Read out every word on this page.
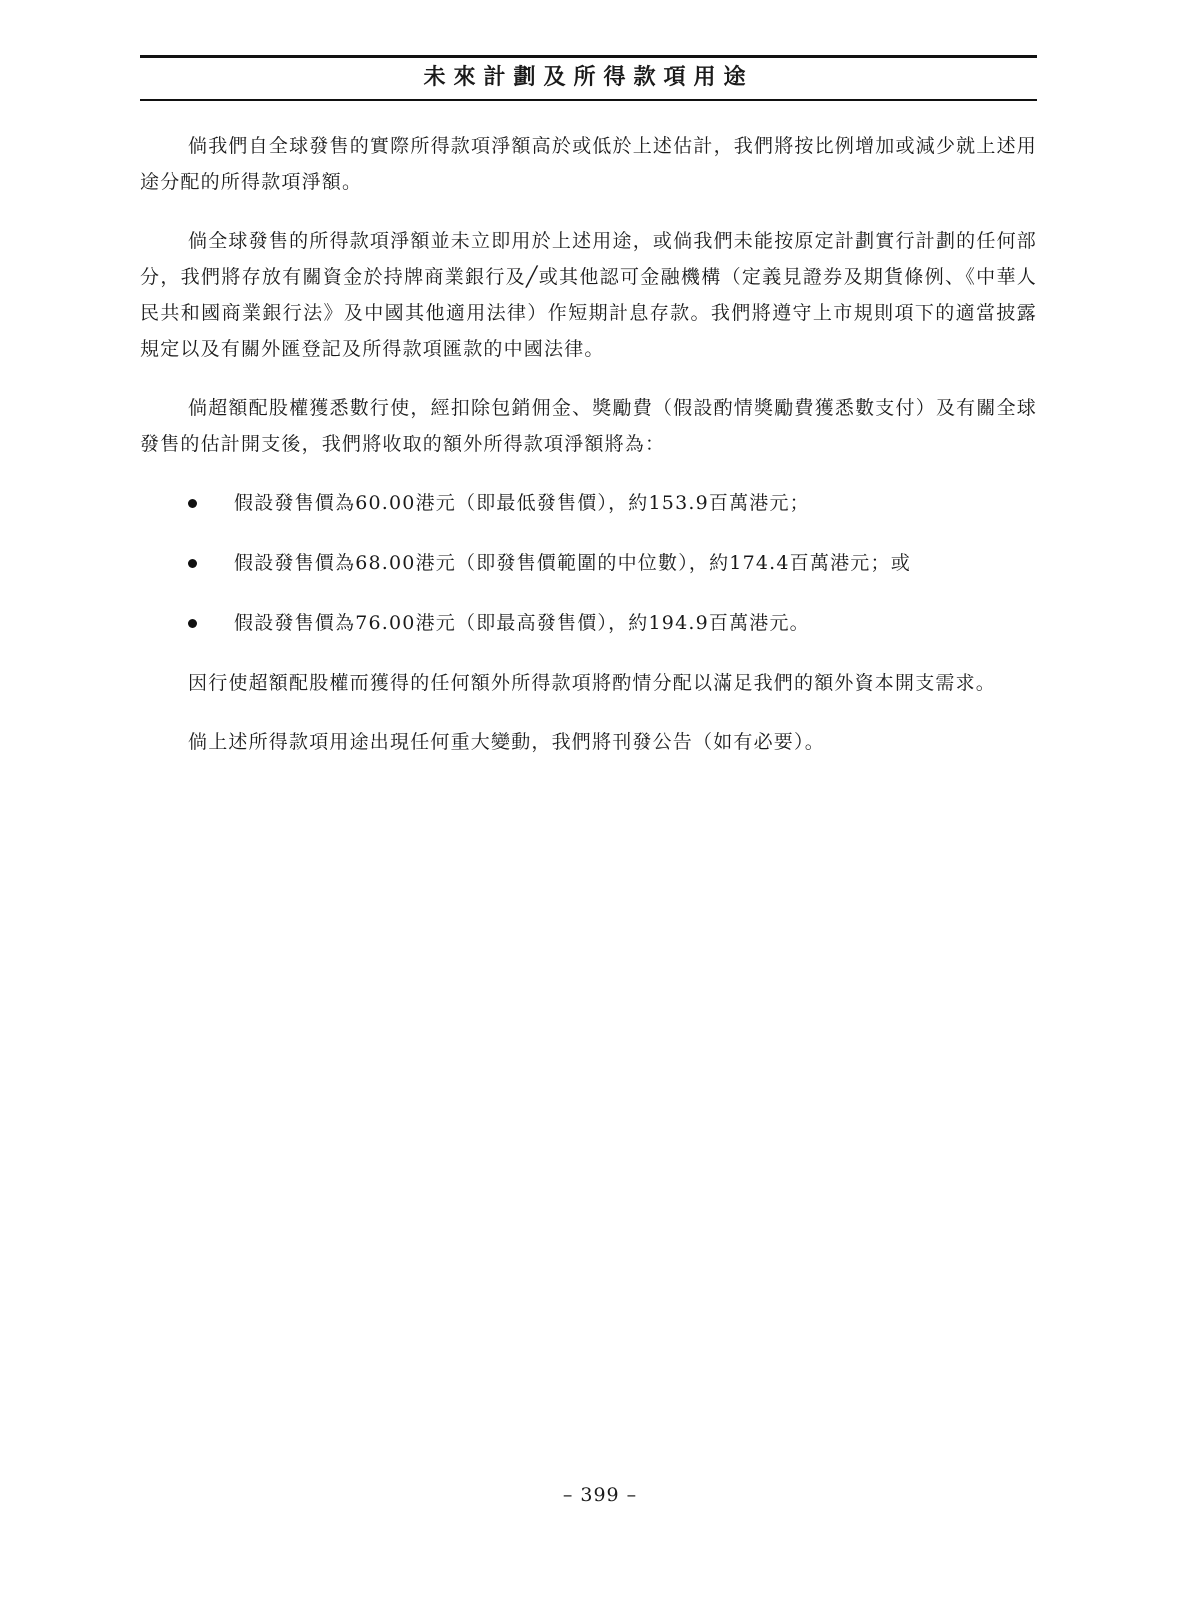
未來計劃及所得款項用途

倘我們自全球發售的實際所得款項淨額高於或低於上述估計，我們將按比例增加或減少就上述用途分配的所得款項淨額。

倘全球發售的所得款項淨額並未立即用於上述用途，或倘我們未能按原定計劃實行計劃的任何部分，我們將存放有關資金於持牌商業銀行及╱或其他認可金融機構（定義見證券及期貨條例、《中華人民共和國商業銀行法》及中國其他適用法律）作短期計息存款。我們將遵守上市規則項下的適當披露規定以及有關外匯登記及所得款項匯款的中國法律。

倘超額配股權獲悉數行使，經扣除包銷佣金、獎勵費（假設酌情獎勵費獲悉數支付）及有關全球發售的估計開支後，我們將收取的額外所得款項淨額將為：

假設發售價為60.00港元（即最低發售價），約153.9百萬港元；
假設發售價為68.00港元（即發售價範圍的中位數），約174.4百萬港元；或
假設發售價為76.00港元（即最高發售價），約194.9百萬港元。

因行使超額配股權而獲得的任何額外所得款項將酌情分配以滿足我們的額外資本開支需求。

倘上述所得款項用途出現任何重大變動，我們將刊發公告（如有必要）。

– 399 –
